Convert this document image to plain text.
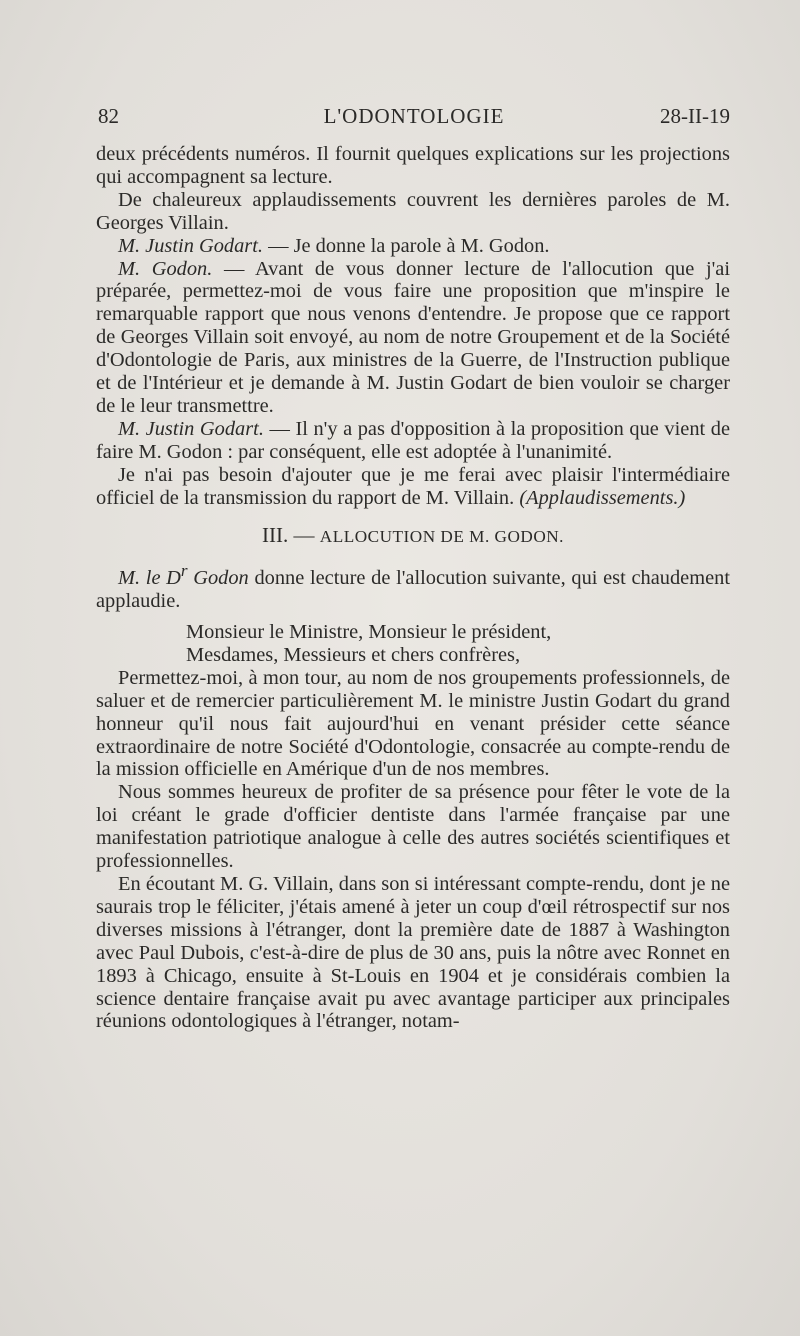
82	L'ODONTOLOGIE	28-II-19

deux précédents numéros. Il fournit quelques explications sur les projections qui accompagnent sa lecture.

De chaleureux applaudissements couvrent les dernières paroles de M. Georges Villain.

M. Justin Godart. — Je donne la parole à M. Godon.

M. Godon. — Avant de vous donner lecture de l'allocution que j'ai préparée, permettez-moi de vous faire une proposition que m'inspire le remarquable rapport que nous venons d'entendre. Je propose que ce rapport de Georges Villain soit envoyé, au nom de notre Groupement et de la Société d'Odontologie de Paris, aux ministres de la Guerre, de l'Instruction publique et de l'Intérieur et je demande à M. Justin Godart de bien vouloir se charger de le leur transmettre.

M. Justin Godart. — Il n'y a pas d'opposition à la proposition que vient de faire M. Godon : par conséquent, elle est adoptée à l'unanimité.

Je n'ai pas besoin d'ajouter que je me ferai avec plaisir l'intermédiaire officiel de la transmission du rapport de M. Villain. (Applaudissements.)

III. — ALLOCUTION DE M. GODON.

M. le $D^r$ Godon donne lecture de l'allocution suivante, qui est chaudement applaudie.

Monsieur le Ministre, Monsieur le président,
Mesdames, Messieurs et chers confrères,

Permettez-moi, à mon tour, au nom de nos groupements professionnels, de saluer et de remercier particulièrement M. le ministre Justin Godart du grand honneur qu'il nous fait aujourd'hui en venant présider cette séance extraordinaire de notre Société d'Odontologie, consacrée au compte-rendu de la mission officielle en Amérique d'un de nos membres.

Nous sommes heureux de profiter de sa présence pour fêter le vote de la loi créant le grade d'officier dentiste dans l'armée française par une manifestation patriotique analogue à celle des autres sociétés scientifiques et professionnelles.

En écoutant M. G. Villain, dans son si intéressant compte-rendu, dont je ne saurais trop le féliciter, j'étais amené à jeter un coup d'œil rétrospectif sur nos diverses missions à l'étranger, dont la première date de 1887 à Washington avec Paul Dubois, c'est-à-dire de plus de 30 ans, puis la nôtre avec Ronnet en 1893 à Chicago, ensuite à St-Louis en 1904 et je considérais combien la science dentaire française avait pu avec avantage participer aux principales réunions odontologiques à l'étranger, notam-
